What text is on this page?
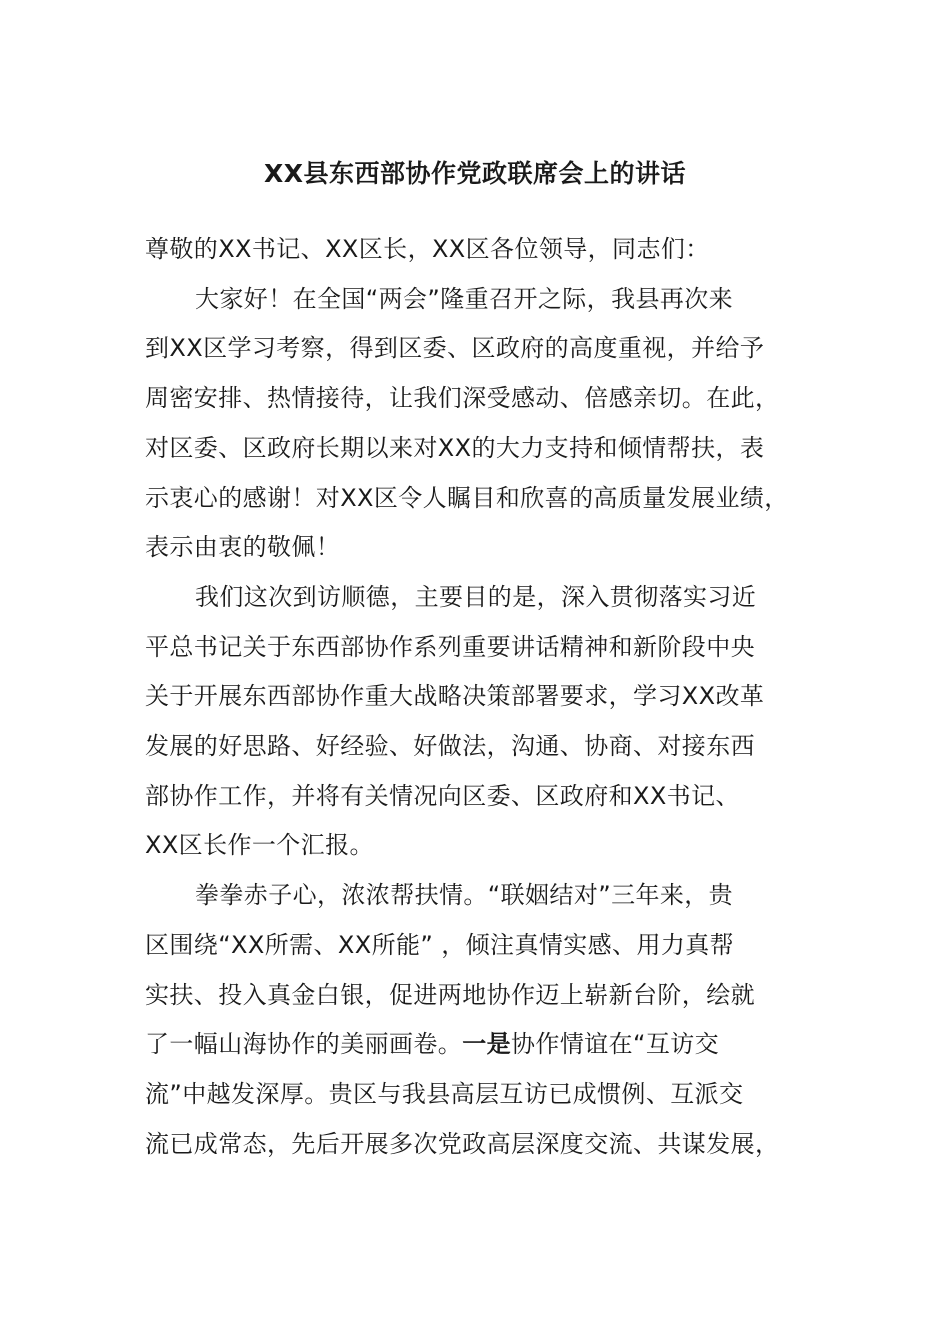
XX县东西部协作党政联席会上的讲话
尊敬的XX书记、XX区长，XX区各位领导，同志们：
大家好！在全国“两会”隆重召开之际，我县再次来
到XX区学习考察，得到区委、区政府的高度重视，并给予
周密安排、热情接待，让我们深受感动、倍感亲切。在此，
对区委、区政府长期以来对XX的大力支持和倾情帮扶，表
示衷心的感谢！对XX区令人瞩目和欣喜的高质量发展业绩，
表示由衷的敬佩！
我们这次到访顺德，主要目的是，深入贯彻落实习近
平总书记关于东西部协作系列重要讲话精神和新阶段中央
关于开展东西部协作重大战略决策部署要求，学习XX改革
发展的好思路、好经验、好做法，沟通、协商、对接东西
部协作工作，并将有关情况向区委、区政府和XX书记、
XX区长作一个汇报。
拳拳赤子心，浓浓帮扶情。“联姻结对”三年来，贵
区围绕“XX所需、XX所能” ，倾注真情实感、用力真帮
实扶、投入真金白银，促进两地协作迈上崭新台阶，绘就
了一幅山海协作的美丽画卷。一是协作情谊在“互访交
流”中越发深厚。贵区与我县高层互访已成惯例、互派交
流已成常态，先后开展多次党政高层深度交流、共谋发展，
